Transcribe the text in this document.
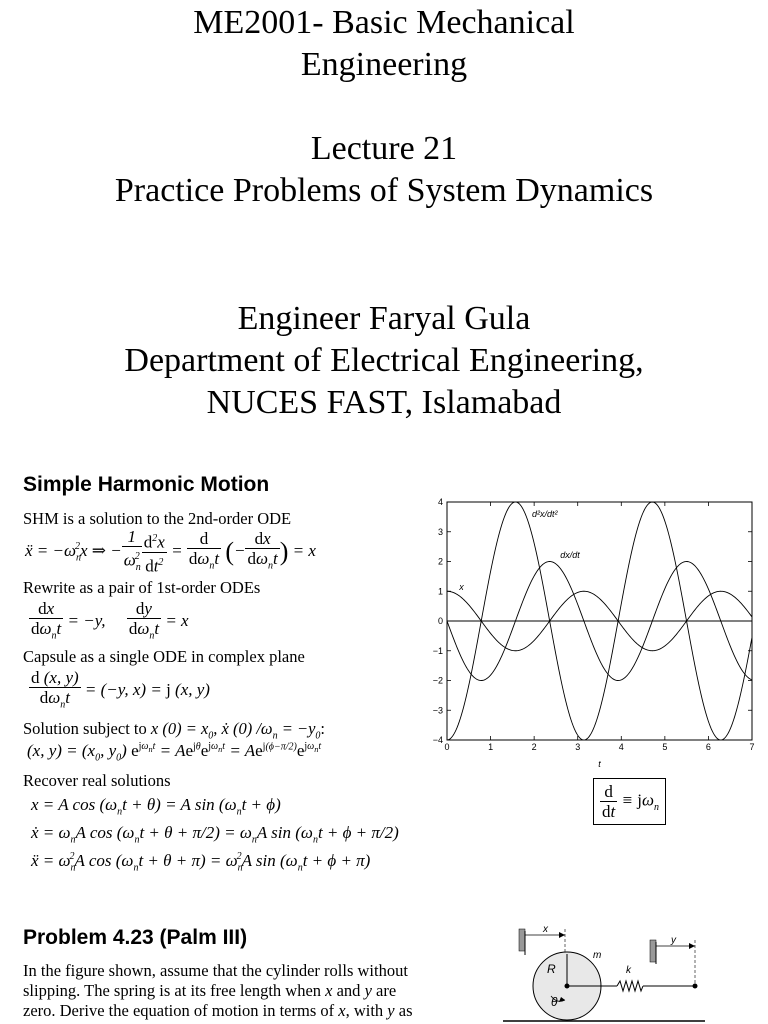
ME2001- Basic Mechanical
Engineering
Lecture 21
Practice Problems of System Dynamics
Engineer Faryal Gula
Department of Electrical Engineering,
NUCES FAST, Islamabad
Simple Harmonic Motion
SHM is a solution to the 2nd-order ODE
ẍ = $-\omega_n^2x$ ⇒ − $\frac{1}{\omega_n^2} \frac{d^2x}{dt^2} = \frac{d}{d\omega_nt}$ (− $\frac{dx}{d\omega_nt}$ ) = x
Rewrite as a pair of 1st-order ODEs
$\frac{dx}{d\omega_nt} = -y$, $\frac{dy}{d\omega_nt} = x$
Capsule as a single ODE in complex plane
$\frac{d (x, y)}{d\omega_nt} = (-y$, x) = j (x, y)
Solution subject to x $(0) = x_0$, ẋ (0) $/\omega_n = -y_0$:
(x, $y) = (x_0$, $y_0$) $e^{j\omega_nt} = Ae^{j\theta}e^{j\omega_nt} = Ae^{j(\phi-\pi/2)}e^{j\omega_nt}$
Recover real solutions
x = A $\cos (\omega_nt + \theta) = A$ $\sin (\omega_nt + \phi)$
ẋ = $\omega_nA$ $\cos (\omega_nt + \theta + \pi/2) = \omega_nA$ $\sin (\omega_nt + \phi + \pi/2)$
ẍ = $\omega_n^2A$ $\cos (\omega_nt + \theta + \pi) = \omega_n^2A$ $\sin (\omega_nt + \phi + \pi)$
4
3
2
1
0
−1
−2
−3
−4
0	1	2	3	4	5	6	7
t
x
dx/dt
d²x/dt²
$\frac{d}{dt} \equiv j\omega_n$
Problem 4.23 (Palm III)
In the figure shown, assume that the cylinder rolls without
slipping. The spring is at its free length when x and y are
zero. Derive the equation of motion in terms of x, with y as
x
y
R
θ
m
k
